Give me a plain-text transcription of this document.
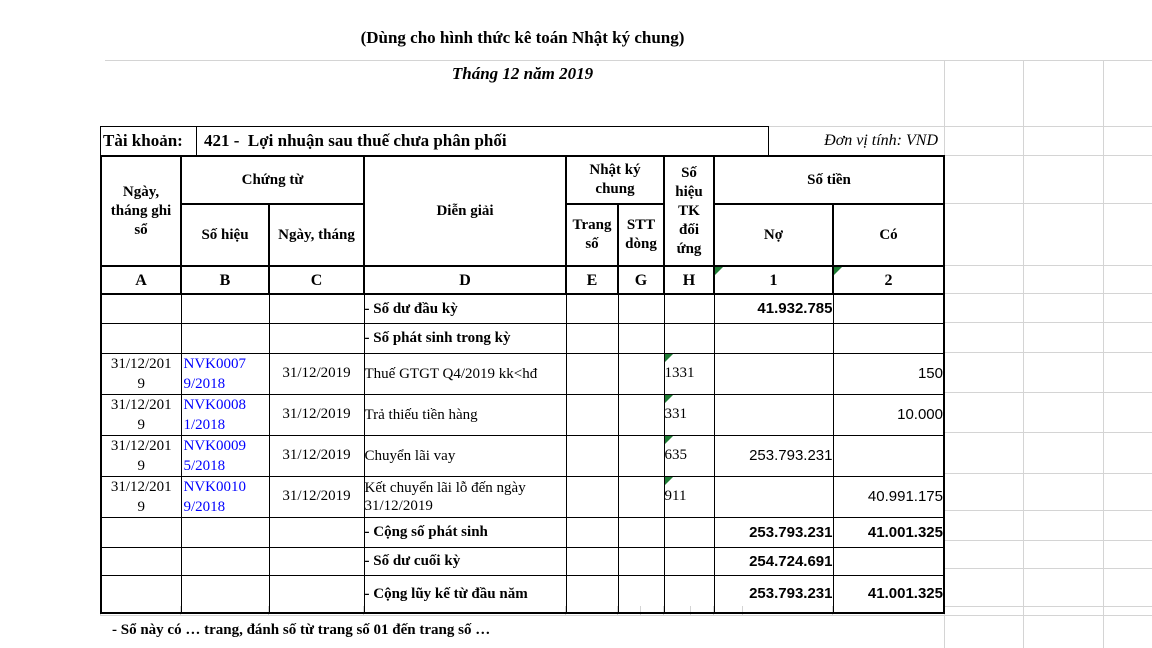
(Dùng cho hình thức kê toán Nhật ký chung)
Tháng 12 năm 2019
Tài khoản: 421 -  Lợi nhuận sau thuế chưa phân phối	Đơn vị tính: VND
Ngày, tháng ghi sổ	Chứng từ		Diễn giải	Nhật ký chung		Số hiệu TK đối ứng	Số tiền	
	Số hiệu	Ngày, tháng		Trang số	STT dòng		Nợ	Có
A	B	C	D	E	G	H	1	2
			- Số dư đầu kỳ				41.932.785	
			- Số phát sinh trong kỳ					
31/12/2019	NVK00079/2018	31/12/2019	Thuế GTGT Q4/2019 kk<hđ			1331		150
31/12/2019	NVK00081/2018	31/12/2019	Trả thiếu tiền hàng			331		10.000
31/12/2019	NVK00095/2018	31/12/2019	Chuyển lãi vay			635	253.793.231	
31/12/2019	NVK00109/2018	31/12/2019	Kết chuyển lãi lỗ đến ngày 31/12/2019			911		40.991.175
			- Cộng số phát sinh				253.793.231	41.001.325
			- Số dư cuối kỳ				254.724.691	
			- Cộng lũy kế từ đầu năm				253.793.231	41.001.325
- Sổ này có … trang, đánh số từ trang số 01 đến trang số …
